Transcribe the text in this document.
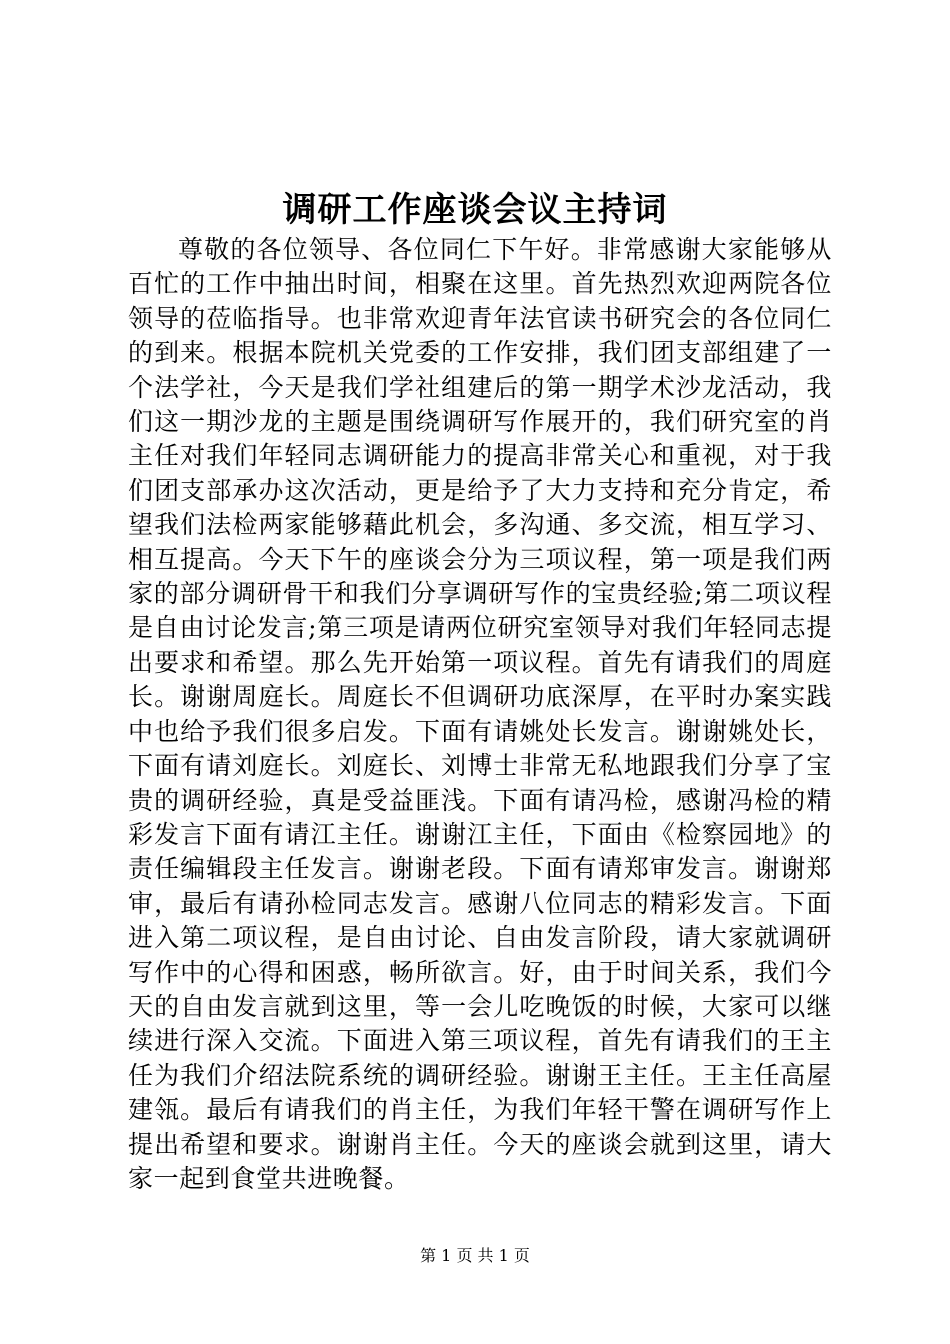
调研工作座谈会议主持词
尊敬的各位领导、各位同仁下午好。非常感谢大家能够从百忙的工作中抽出时间，相聚在这里。首先热烈欢迎两院各位领导的莅临指导。也非常欢迎青年法官读书研究会的各位同仁的到来。根据本院机关党委的工作安排，我们团支部组建了一个法学社，今天是我们学社组建后的第一期学术沙龙活动，我们这一期沙龙的主题是围绕调研写作展开的，我们研究室的肖主任对我们年轻同志调研能力的提高非常关心和重视，对于我们团支部承办这次活动，更是给予了大力支持和充分肯定，希望我们法检两家能够藉此机会，多沟通、多交流，相互学习、相互提高。今天下午的座谈会分为三项议程，第一项是我们两家的部分调研骨干和我们分享调研写作的宝贵经验;第二项议程是自由讨论发言;第三项是请两位研究室领导对我们年轻同志提出要求和希望。那么先开始第一项议程。首先有请我们的周庭长。谢谢周庭长。周庭长不但调研功底深厚，在平时办案实践中也给予我们很多启发。下面有请姚处长发言。谢谢姚处长，下面有请刘庭长。刘庭长、刘博士非常无私地跟我们分享了宝贵的调研经验，真是受益匪浅。下面有请冯检，感谢冯检的精彩发言下面有请江主任。谢谢江主任，下面由《检察园地》的责任编辑段主任发言。谢谢老段。下面有请郑审发言。谢谢郑审，最后有请孙检同志发言。感谢八位同志的精彩发言。下面进入第二项议程，是自由讨论、自由发言阶段，请大家就调研写作中的心得和困惑，畅所欲言。好，由于时间关系，我们今天的自由发言就到这里，等一会儿吃晚饭的时候，大家可以继续进行深入交流。下面进入第三项议程，首先有请我们的王主任为我们介绍法院系统的调研经验。谢谢王主任。王主任高屋建瓴。最后有请我们的肖主任，为我们年轻干警在调研写作上提出希望和要求。谢谢肖主任。今天的座谈会就到这里，请大家一起到食堂共进晚餐。
第 1 页 共 1 页
